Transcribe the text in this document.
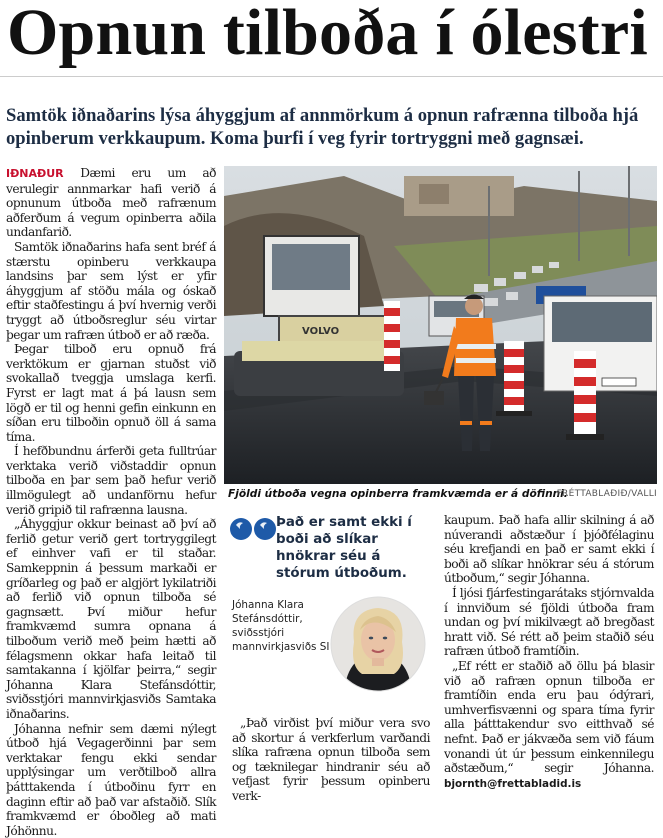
Opnun tilboða í ólestri

Samtök iðnaðarins lýsa áhyggjum af annmörkum á opnun rafrænna tilboða hjá opinberum verkkaupum. Koma þurfi í veg fyrir tortryggni með gagnsæi.

IÐNAÐUR Dæmi eru um að verulegir annmarkar hafi verið á opnunum útboða með rafrænum aðferðum á vegum opinberra aðila undanfarið.

Samtök iðnaðarins hafa sent bréf á stærstu opinberu verkkaupa landsins þar sem lýst er yfir áhyggjum af stöðu mála og óskað eftir staðfestingu á því hvernig verði tryggt að útboðsreglur séu virtar þegar um rafræn útboð er að ræða.

Þegar tilboð eru opnuð frá verktökum er gjarnan stuðst við svokallað tveggja umslaga kerfi. Fyrst er lagt mat á þá lausn sem lögð er til og henni gefin einkunn en síðan eru tilboðin opnuð öll á sama tíma.

Í hefðbundnu árferði geta fulltrúar verktaka verið viðstaddir opnun tilboða en þar sem það hefur verið illmögulegt að undanförnu hefur verið gripið til rafrænna lausna.

„Áhyggjur okkur beinast að því að ferlið getur verið gert tortryggilegt ef einhver vafi er til staðar. Samkeppnin á þessum markaði er gríðarleg og það er algjört lykilatriði að ferlið við opnun tilboða sé gagnsætt. Því miður hefur framkvæmd sumra opnana á tilboðum verið með þeim hætti að félagsmenn okkar hafa leitað til samtakanna í kjölfar þeirra,“ segir Jóhanna Klara Stefánsdóttir, sviðsstjóri mannvirkjasviðs Samtaka iðnaðarins.

Jóhanna nefnir sem dæmi nýlegt útboð hjá Vegagerðinni þar sem verktakar fengu ekki sendar upplýsingar um verðtilboð allra þátttakenda í útboðinu fyrr en daginn eftir að það var afstaðið. Slík framkvæmd er óboðleg að mati Jóhönnu.

VOLVO
Fjöldi útboða vegna opinberra framkvæmda er á döfinni.
FRÉTTABLAÐIÐ/VALLI

Það er samt ekki í boði að slíkar hnökrar séu á stórum útboðum.

Jóhanna Klara Stefánsdóttir,
sviðsstjóri mannvirkjasviðs SI

„Það virðist því miður vera svo að skortur á verkferlum varðandi slíka rafræna opnun tilboða sem og tæknilegar hindranir séu að vefjast fyrir þessum opinberu verk-

kaupum. Það hafa allir skilning á að núverandi aðstæður í þjóðfélaginu séu krefjandi en það er samt ekki í boði að slíkar hnökrar séu á stórum útboðum,“ segir Jóhanna.

Í ljósi fjárfestingarátaks stjórnvalda í innviðum sé fjöldi útboða fram undan og því mikilvægt að bregðast hratt við. Sé rétt að þeim staðið séu rafræn útboð framtíðin.

„Ef rétt er staðið að öllu þá blasir við að rafræn opnun tilboða er framtíðin enda eru þau ódýrari, umhverfisvænni og spara tíma fyrir alla þátttakendur svo eitthvað sé nefnt. Það er jákvæða sem við fáum vonandi út úr þessum einkennilegu aðstæðum,“ segir Jóhanna. bjornth@frettabladid.is
